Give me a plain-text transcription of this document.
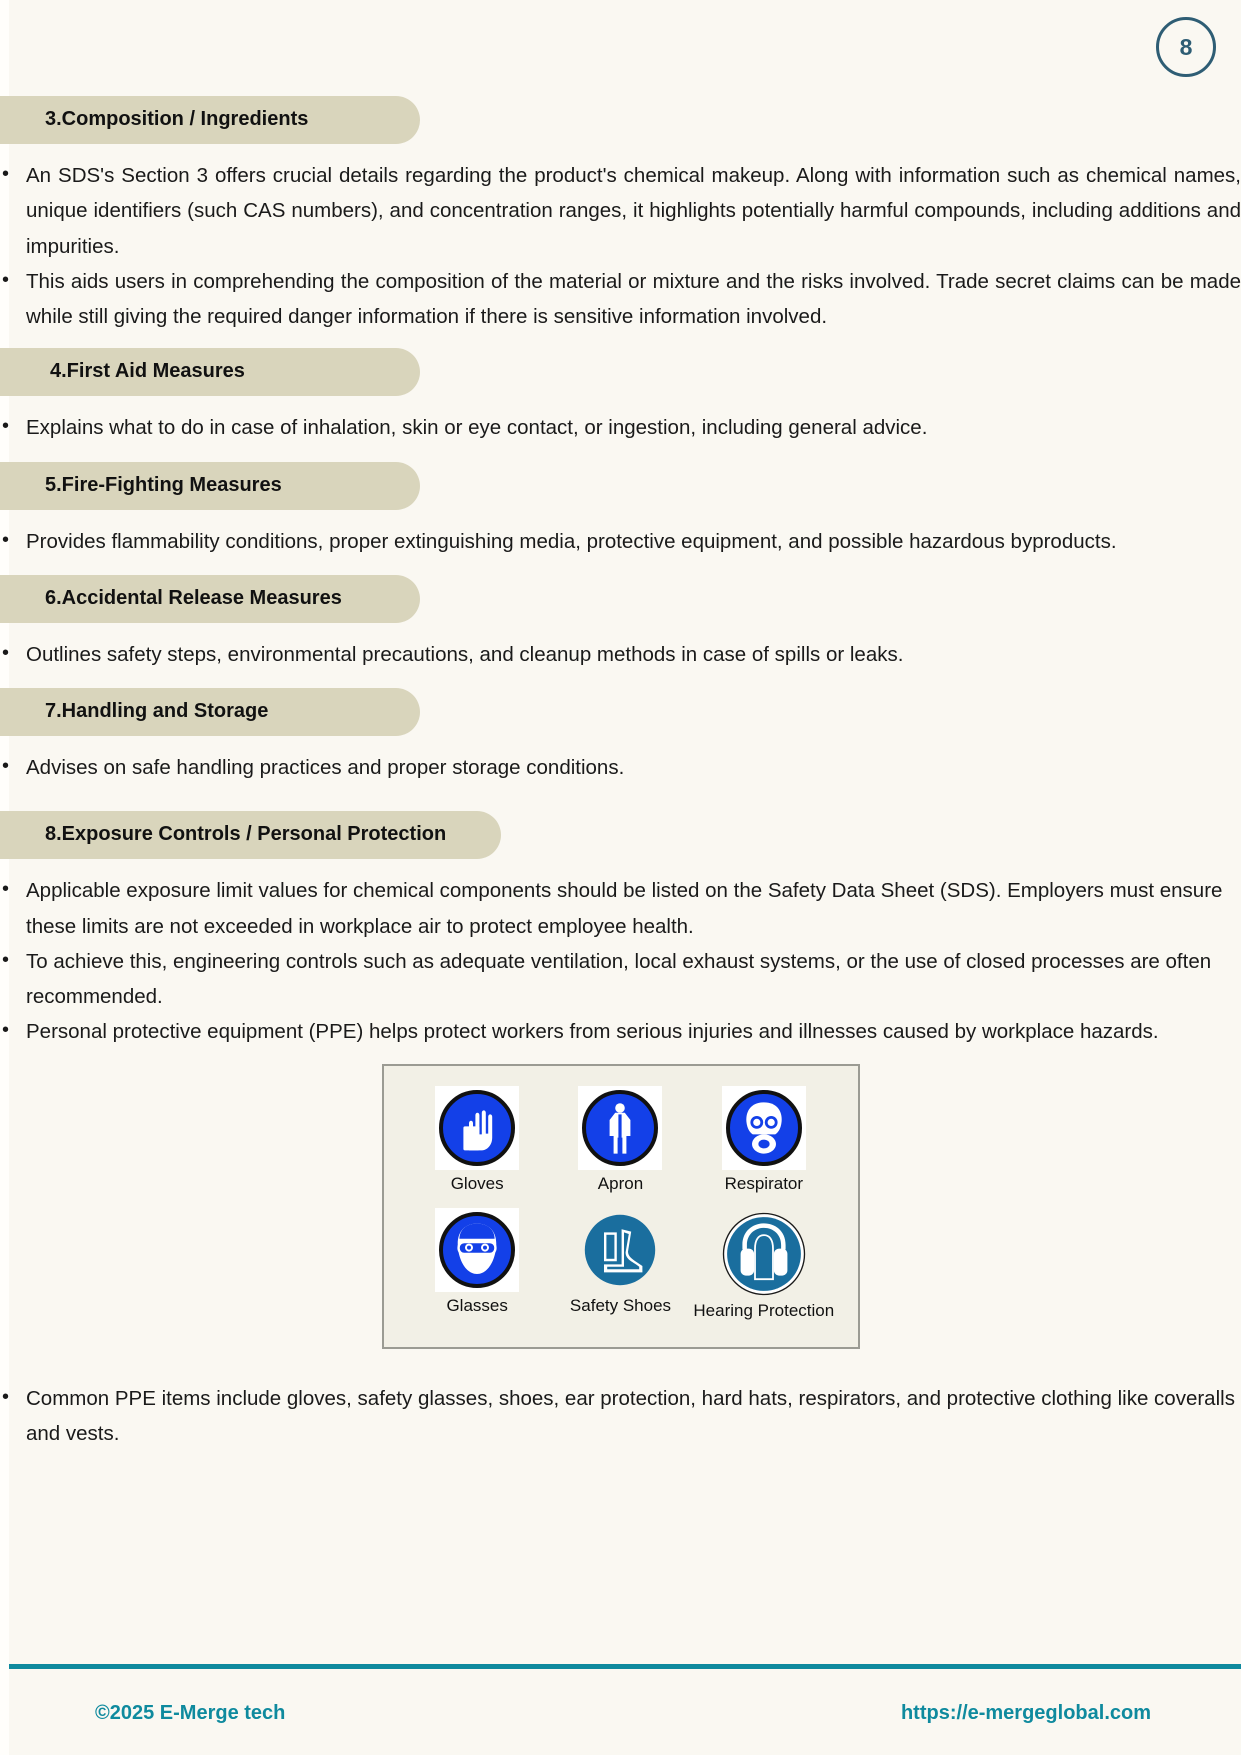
8
3.Composition / Ingredients
• An SDS's Section 3 offers crucial details regarding the product's chemical makeup. Along with information such as chemical names, unique identifiers (such CAS numbers), and concentration ranges, it highlights potentially harmful compounds, including additions and impurities.
• This aids users in comprehending the composition of the material or mixture and the risks involved. Trade secret claims can be made while still giving the required danger information if there is sensitive information involved.
4.First Aid Measures
• Explains what to do in case of inhalation, skin or eye contact, or ingestion, including general advice.
5.Fire-Fighting Measures
• Provides flammability conditions, proper extinguishing media, protective equipment, and possible hazardous byproducts.
6.Accidental Release Measures
• Outlines safety steps, environmental precautions, and cleanup methods in case of spills or leaks.
7.Handling and Storage
• Advises on safe handling practices and proper storage conditions.
8.Exposure Controls / Personal Protection
• Applicable exposure limit values for chemical components should be listed on the Safety Data Sheet (SDS). Employers must ensure these limits are not exceeded in workplace air to protect employee health.
• To achieve this, engineering controls such as adequate ventilation, local exhaust systems, or the use of closed processes are often recommended.
• Personal protective equipment (PPE) helps protect workers from serious injuries and illnesses caused by workplace hazards.
Gloves	Apron	Respirator
Glasses	Safety Shoes Hearing Protection
• Common PPE items include gloves, safety glasses, shoes, ear protection, hard hats, respirators, and protective clothing like coveralls and vests.
©2025 E-Merge tech	https://e-mergeglobal.com
